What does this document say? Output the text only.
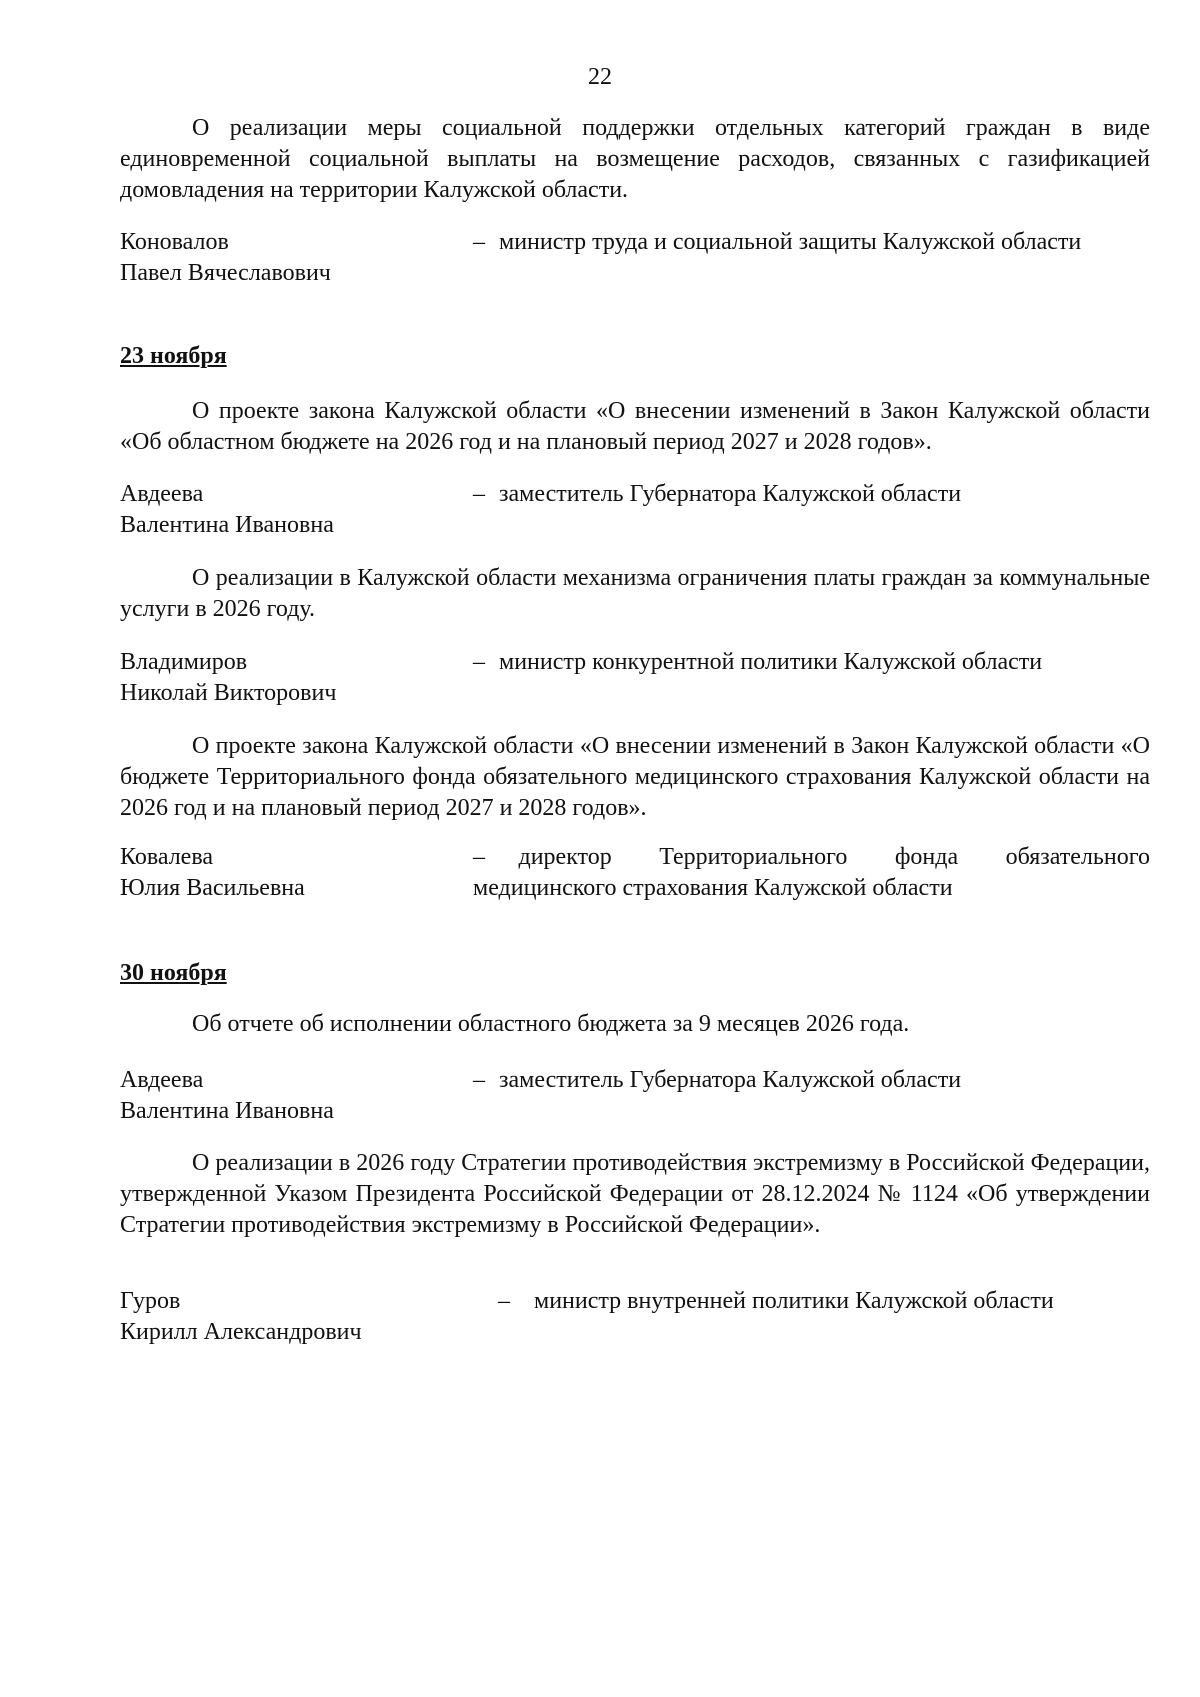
22

О реализации меры социальной поддержки отдельных категорий граждан в виде единовременной социальной выплаты на возмещение расходов, связанных с газификацией домовладения на территории Калужской области.

Коновалов
Павел Вячеславович
– министр труда и социальной защиты Калужской области
23 ноября

О проекте закона Калужской области «О внесении изменений в Закон Калужской области «Об областном бюджете на 2026 год и на плановый период 2027 и 2028 годов».

Авдеева
Валентина Ивановна
– заместитель Губернатора Калужской области

О реализации в Калужской области механизма ограничения платы граждан за коммунальные услуги в 2026 году.

Владимиров
Николай Викторович
– министр конкурентной политики Калужской области

О проекте закона Калужской области «О внесении изменений в Закон Калужской области «О бюджете Территориального фонда обязательного медицинского страхования Калужской области на 2026 год и на плановый период 2027 и 2028 годов».

Ковалева
Юлия Васильевна
– директор Территориального фонда обязательного
медицинского страхования Калужской области
30 ноября

Об отчете об исполнении областного бюджета за 9 месяцев 2026 года.

Авдеева
Валентина Ивановна
– заместитель Губернатора Калужской области

О реализации в 2026 году Стратегии противодействия экстремизму в Российской Федерации, утвержденной Указом Президента Российской Федерации от 28.12.2024 № 1124 «Об утверждении Стратегии противодействия экстремизму в Российской Федерации».

Гуров
Кирилл Александрович
–	министр внутренней политики Калужской области
